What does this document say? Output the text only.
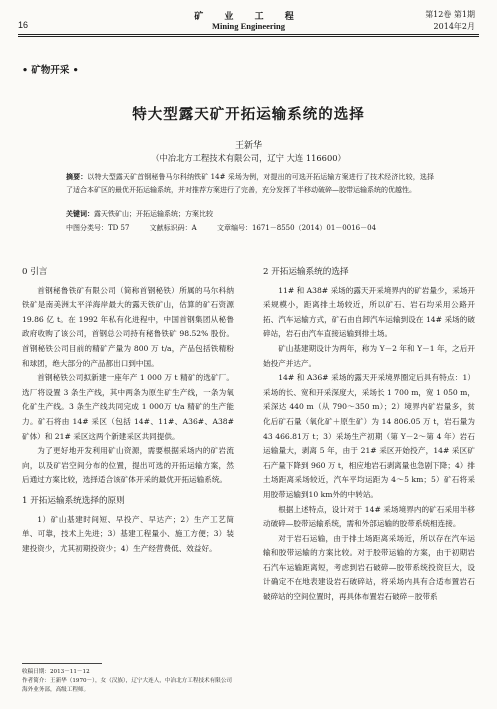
16
矿 业 工 程
Mining Engineering
第12卷 第1期
2014年2月
• 矿物开采 •
特大型露天矿开拓运输系统的选择
王新华
（中冶北方工程技术有限公司，辽宁 大连 116600）
摘要：以特大型露天矿首钢秘鲁马尔科纳铁矿 14# 采场为例，对提出的可选开拓运输方案进行了技术经济比较，选择了适合本矿区的最优开拓运输系统，并对推荐方案进行了完善，充分发挥了半移动破碎—胶带运输系统的优越性。
关键词：露天铁矿山；开拓运输系统；方案比较
中图分类号：TD 57	文献标识码：A	文章编号：1671－8550（2014）01－0016－04
0 引言

首钢秘鲁铁矿有限公司（简称首钢秘铁）所属的马尔科纳铁矿是南美洲太平洋海岸最大的露天铁矿山，估算的矿石资源 19.86 亿 t。在 1992 年私有化进程中，中国首钢集团从秘鲁政府收购了该公司，首钢总公司持有秘鲁铁矿 98.52% 股份。首钢秘铁公司目前的精矿产量为 800 万 t/a，产品包括铁精粉和球团，绝大部分的产品都出口到中国。

首钢秘铁公司拟新建一座年产 1 000 万 t 精矿的选矿厂。选厂将设置 3 条生产线，其中两条为原生矿生产线，一条为氧化矿生产线。3 条生产线共同完成 1 000万 t/a 精矿的生产能力。矿石将由 14# 采区（包括 14#、11#、A36#、A38# 矿体）和 21# 采区这两个新建采区共同提供。

为了更好地开发利用矿山资源，需要根据采场内的矿岩流向，以及矿岩空间分布的位置，提出可选的开拓运输方案，然后通过方案比较，选择适合该矿体开采的最优开拓运输系统。

1 开拓运输系统选择的原则

1）矿山基建时间短、早投产、早达产；2）生产工艺简单、可靠，技术上先进；3）基建工程量小、施工方便；3）装建投资少，尤其初期投资少；4）生产经营费低、效益好。

2 开拓运输系统的选择

11# 和 A38# 采场的露天开采境界内的矿岩量少，采场开采规模小，距离排土场较近，所以矿石、岩石均采用公路开拓、汽车运输方式，矿石由自卸汽车运输到设在 14# 采场的破碎站，岩石由汽车直接运输到排土场。

矿山基建期设计为两年，称为 Y－2 年和 Y－1 年，之后开始投产并达产。

14# 和 A36# 采场的露天开采境界圈定后具有特点：1）采场的长、宽和开采深度大，采场长 1 700 m，宽 1 050 m，采深达 440 m（从 790～350 m）；2）境界内矿岩量多，贫化后矿石量（氧化矿＋原生矿）为 14 806.05 万 t，岩石量为 43 466.81万 t；3）采场生产初期（第 Y－2～第 4 年）岩石运输量大，剥离 5 年，由于 21# 采区开始投产，14# 采区矿石产量下降到 960 万 t，相应地岩石剥离量也急剧下降；4）排土场距离采场较近，汽车平均运距为 4～5 km；5）矿石将采用胶带运输到10 km外的中转站。

根据上述特点，设计对于 14# 采场境界内的矿石采用半移动破碎—胶带运输系统，需和外部运输的胶带系统相连接。

对于岩石运输，由于排土场距离采场近，所以存在汽车运输和胶带运输的方案比较。对于胶带运输的方案，由于初期岩石汽车运输距离短，考虑到岩石破碎—胶带系统投资巨大，设计确定不在地表建设岩石破碎站，将采场内具有合适布置岩石破碎站的空间位置时，再具体布置岩石破碎－胶带系

收稿日期：2013－11－12
作者简介：王新华（1970－），女（汉族），辽宁大连人，中冶北方工程技术有限公司海外业务部，高级工程师。
